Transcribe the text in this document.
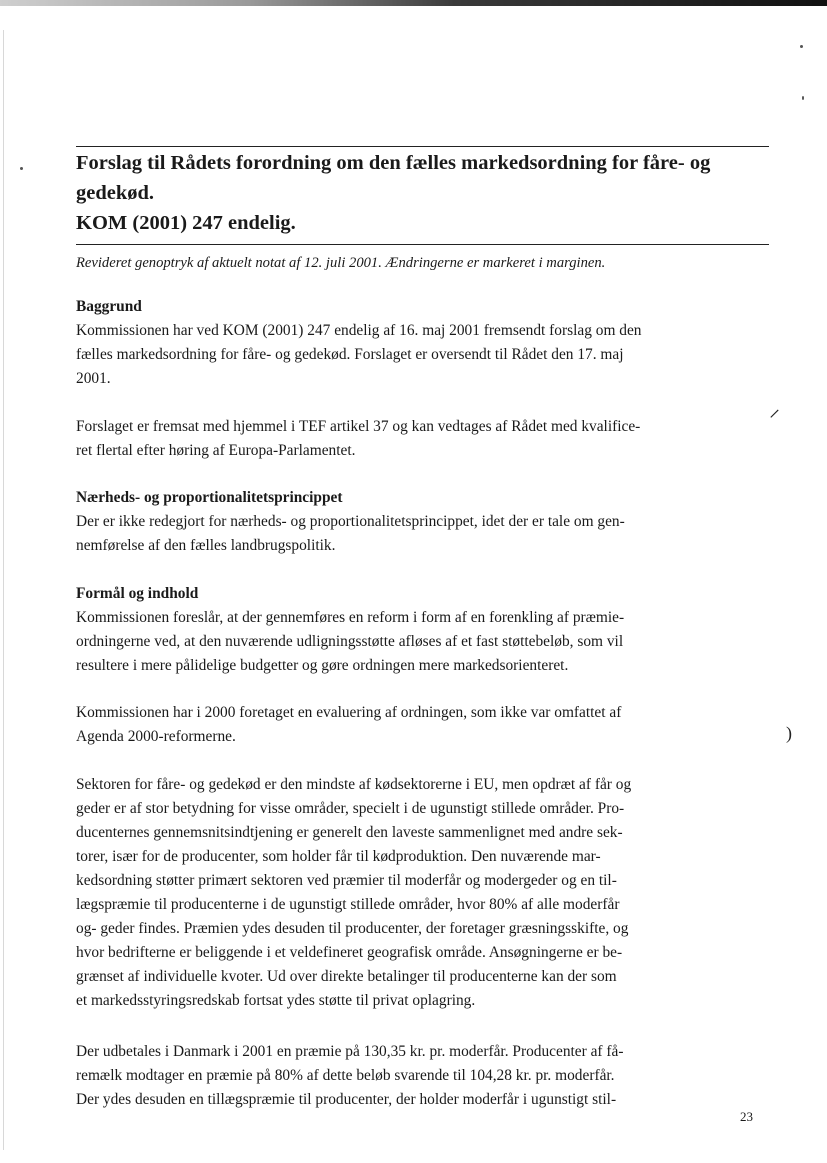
Forslag til Rådets forordning om den fælles markedsordning for fåre- og
gedekød.
KOM (2001) 247 endelig.

Revideret genoptryk af aktuelt notat af 12. juli 2001. Ændringerne er markeret i marginen.

Baggrund

Kommissionen har ved KOM (2001) 247 endelig af 16. maj 2001 fremsendt forslag om den
fælles markedsordning for fåre- og gedekød. Forslaget er oversendt til Rådet den 17. maj
2001.

Forslaget er fremsat med hjemmel i TEF artikel 37 og kan vedtages af Rådet med kvalifice-
ret flertal efter høring af Europa-Parlamentet.

⸝
Nærheds- og proportionalitetsprincippet

Der er ikke redegjort for nærheds- og proportionalitetsprincippet, idet der er tale om gen-
nemførelse af den fælles landbrugspolitik.

Formål og indhold

Kommissionen foreslår, at der gennemføres en reform i form af en forenkling af præmie-
ordningerne ved, at den nuværende udligningsstøtte afløses af et fast støttebeløb, som vil
resultere i mere pålidelige budgetter og gøre ordningen mere markedsorienteret.

Kommissionen har i 2000 foretaget en evaluering af ordningen, som ikke var omfattet af
Agenda 2000-reformerne.	)

Sektoren for fåre- og gedekød er den mindste af kødsektorerne i EU, men opdræt af får og
geder er af stor betydning for visse områder, specielt i de ugunstigt stillede områder. Pro-
ducenternes gennemsnitsindtjening er generelt den laveste sammenlignet med andre sek-
torer, især for de producenter, som holder får til kødproduktion. Den nuværende mar-
kedsordning støtter primært sektoren ved præmier til moderfår og modergeder og en til-
lægspræmie til producenterne i de ugunstigt stillede områder, hvor 80% af alle moderfår
og- geder findes. Præmien ydes desuden til producenter, der foretager græsningsskifte, og
hvor bedrifterne er beliggende i et veldefineret geografisk område. Ansøgningerne er be-
grænset af individuelle kvoter. Ud over direkte betalinger til producenterne kan der som
et markedsstyringsredskab fortsat ydes støtte til privat oplagring.

Der udbetales i Danmark i 2001 en præmie på 130,35 kr. pr. moderfår. Producenter af få-
remælk modtager en præmie på 80% af dette beløb svarende til 104,28 kr. pr. moderfår.
Der ydes desuden en tillægspræmie til producenter, der holder moderfår i ugunstigt stil-

23
